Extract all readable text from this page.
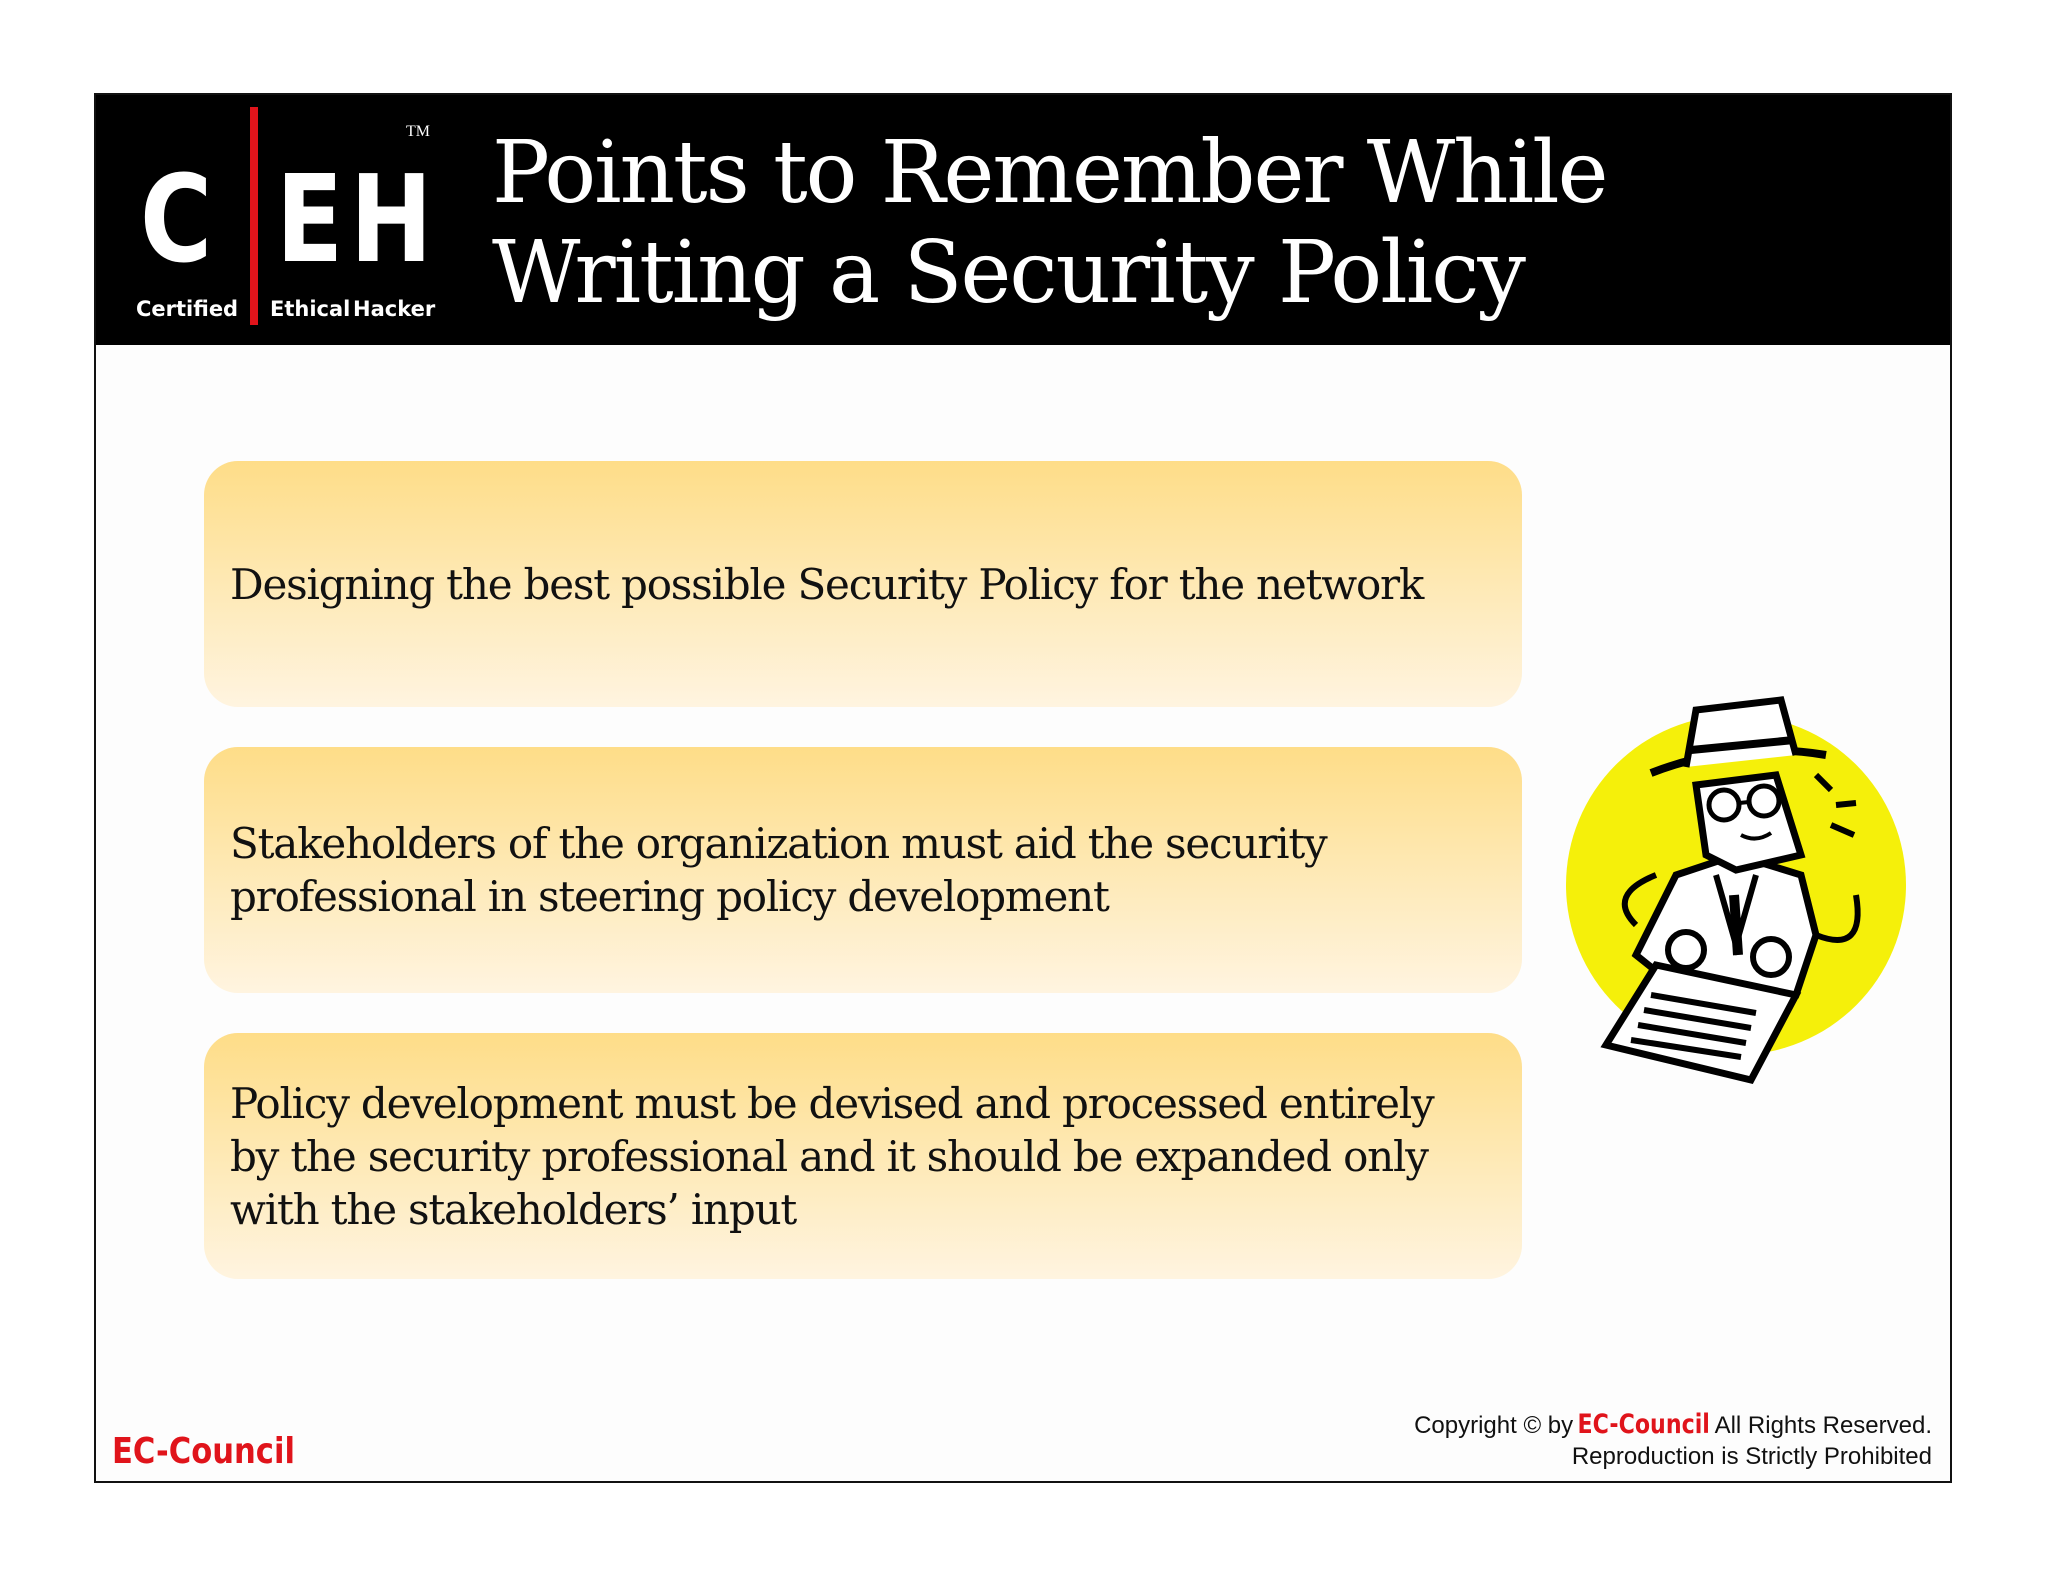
C E H
Certified Ethical Hacker
TM Points to Remember While
Writing a Security Policy
Designing the best possible Security Policy for the network
Stakeholders of the organization must aid the security professional in steering policy development
Policy development must be devised and processed entirely by the security professional and it should be expanded only with the stakeholders’ input
EC-Council
Copyright © by EC-Council All Rights Reserved.
Reproduction is Strictly Prohibited
